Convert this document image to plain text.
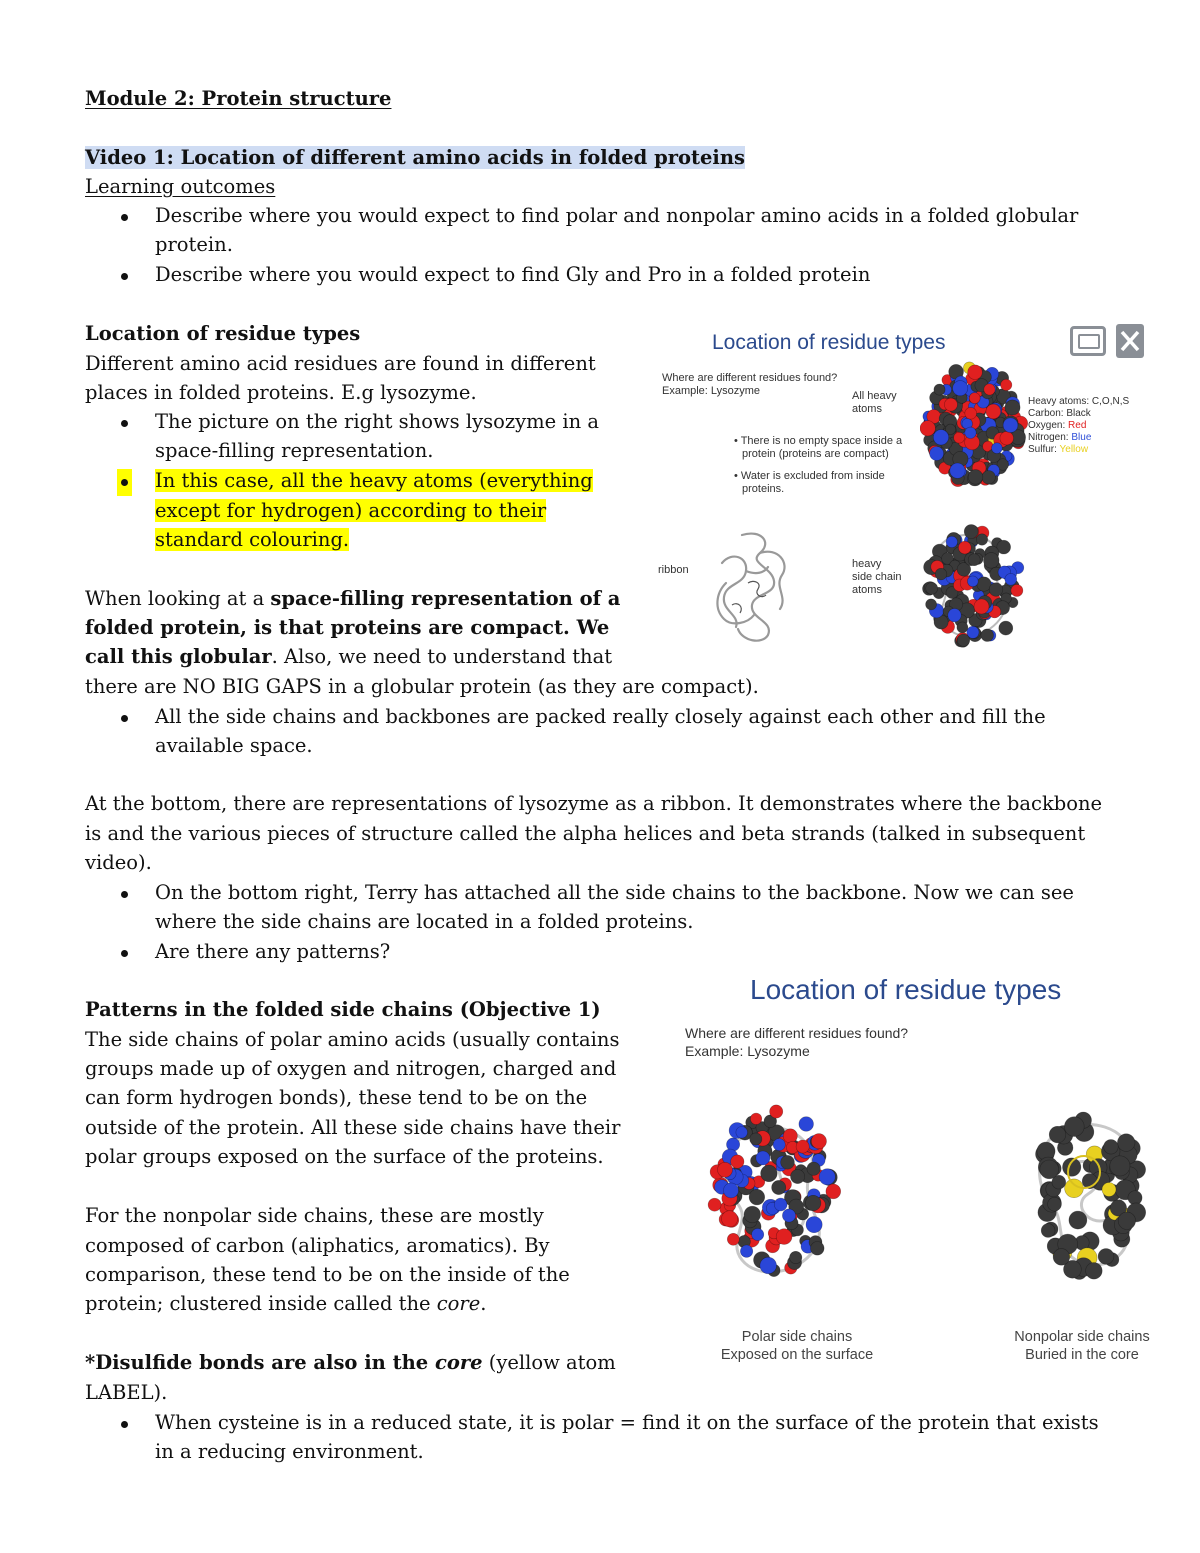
Module 2: Protein structure
Video 1: Location of different amino acids in folded proteins
Learning outcomes
Describe where you would expect to find polar and nonpolar amino acids in a folded globular
protein.
Describe where you would expect to find Gly and Pro in a folded protein
Location of residue types
Different amino acid residues are found in different
places in folded proteins. E.g lysozyme.
The picture on the right shows lysozyme in a
space-filling representation.
In this case, all the heavy atoms (everything
except for hydrogen) according to their
standard colouring.
When looking at a space-filling representation of a
folded protein, is that proteins are compact. We
call this globular. Also, we need to understand that
there are NO BIG GAPS in a globular protein (as they are compact).
All the side chains and backbones are packed really closely against each other and fill the
available space.
At the bottom, there are representations of lysozyme as a ribbon. It demonstrates where the backbone
is and the various pieces of structure called the alpha helices and beta strands (talked in subsequent
video).
On the bottom right, Terry has attached all the side chains to the backbone. Now we can see
where the side chains are located in a folded proteins.
Are there any patterns?
Patterns in the folded side chains (Objective 1)
The side chains of polar amino acids (usually contains
groups made up of oxygen and nitrogen, charged and
can form hydrogen bonds), these tend to be on the
outside of the protein. All these side chains have their
polar groups exposed on the surface of the proteins.
For the nonpolar side chains, these are mostly
composed of carbon (aliphatics, aromatics). By
comparison, these tend to be on the inside of the
protein; clustered inside called the core.
*Disulfide bonds are also in the core (yellow atom
LABEL).
When cysteine is in a reduced state, it is polar = find it on the surface of the protein that exists
in a reducing environment.
Location of residue types
Where are different residues found?
Example: Lysozyme	All heavy
atoms
• There is no empty space inside a
protein (proteins are compact)
• Water is excluded from inside
proteins.
Heavy atoms: C,O,N,S
Carbon: Black
Oxygen: Red
Nitrogen: Blue
Sulfur: Yellow
ribbon	heavy
side chain
atoms
Location of residue types
Where are different residues found?
Example: Lysozyme
Polar side chains
Exposed on the surface
Nonpolar side chains
Buried in the core
